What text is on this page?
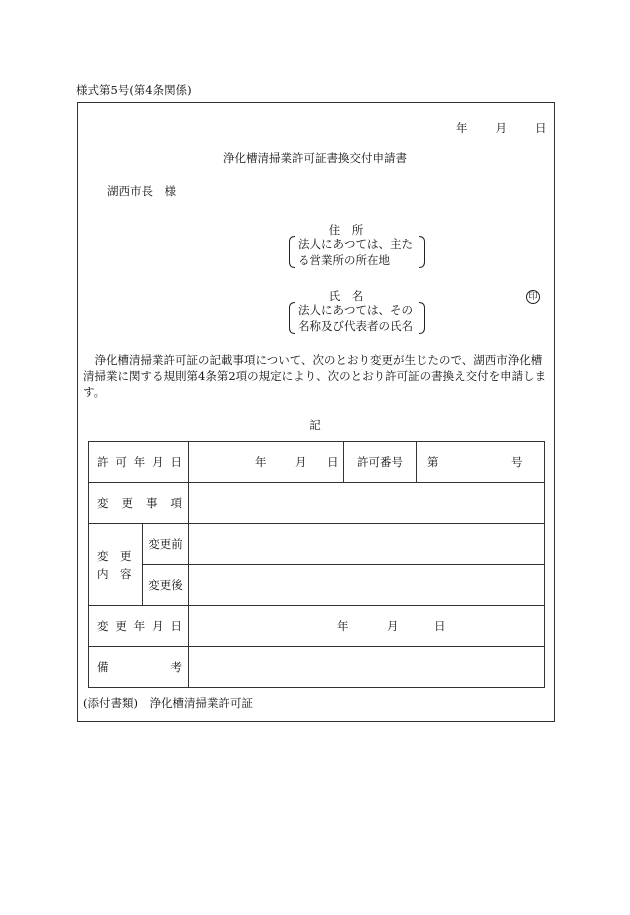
様式第5号(第4条関係)
年 月 日
浄化槽清掃業許可証書換交付申請書
湖西市長　様
住　所
法人にあつては、主た
る営業所の所在地
氏　名	印
法人にあつては、その
名称及び代表者の氏名
浄化槽清掃業許可証の記載事項について、次のとおり変更が生じたので、湖西市浄化槽清掃業に関する規則第4条第2項の規定により、次のとおり許可証の書換え交付を申請します。
記
許 可 年 月 日		年 月 日	許可番号	第 号

変 更 事 項				

変　更
内　容	変更前			
	変更後			

変 更 年 月 日		年 月 日		

備 考				

(添付書類)　浄化槽清掃業許可証
